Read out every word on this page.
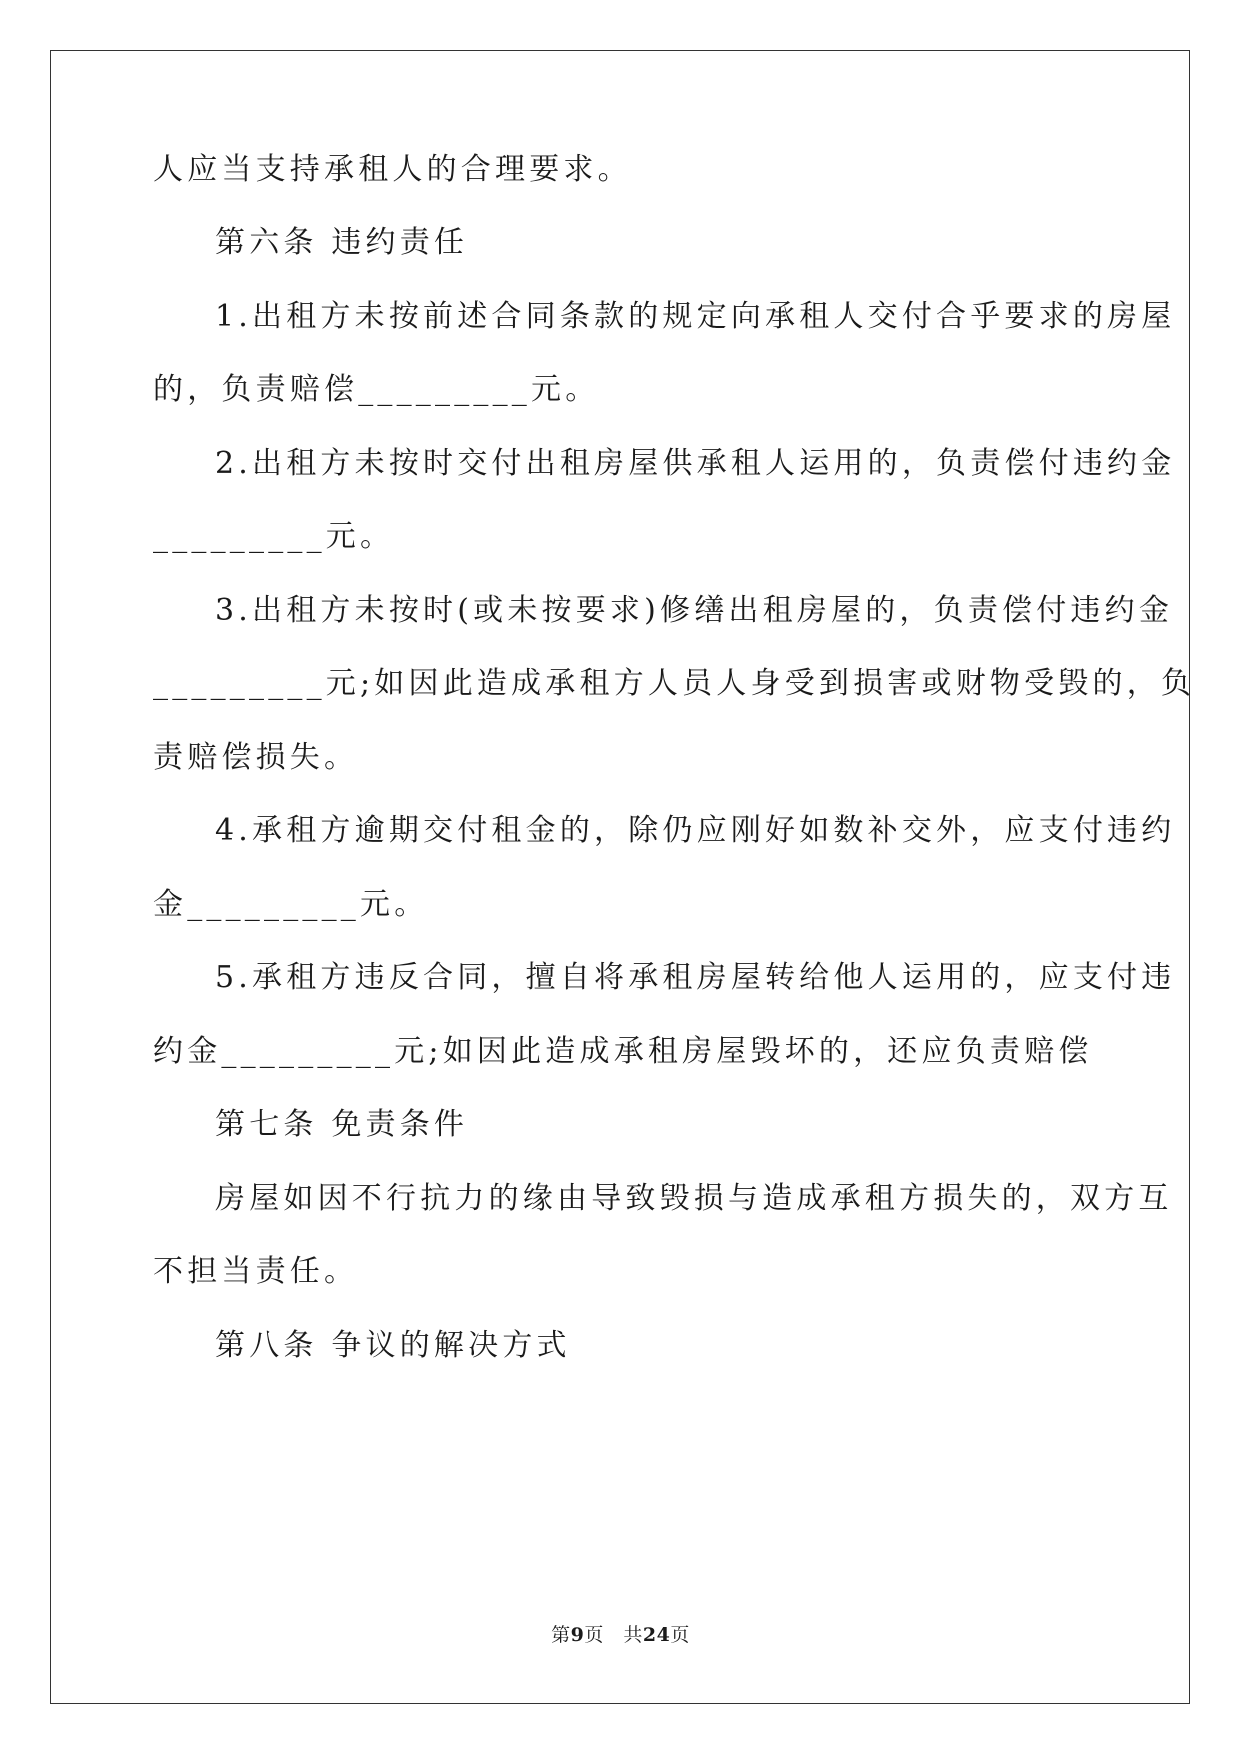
人应当支持承租人的合理要求。
第六条 违约责任
1.出租方未按前述合同条款的规定向承租人交付合乎要求的房屋
的，负责赔偿_________元。
2.出租方未按时交付出租房屋供承租人运用的，负责偿付违约金
_________元。
3.出租方未按时(或未按要求)修缮出租房屋的，负责偿付违约金
_________元;如因此造成承租方人员人身受到损害或财物受毁的，负
责赔偿损失。
4.承租方逾期交付租金的，除仍应刚好如数补交外，应支付违约
金_________元。
5.承租方违反合同，擅自将承租房屋转给他人运用的，应支付违
约金_________元;如因此造成承租房屋毁坏的，还应负责赔偿
第七条 免责条件
房屋如因不行抗力的缘由导致毁损与造成承租方损失的，双方互
不担当责任。
第八条 争议的解决方式
第9页　共24页
